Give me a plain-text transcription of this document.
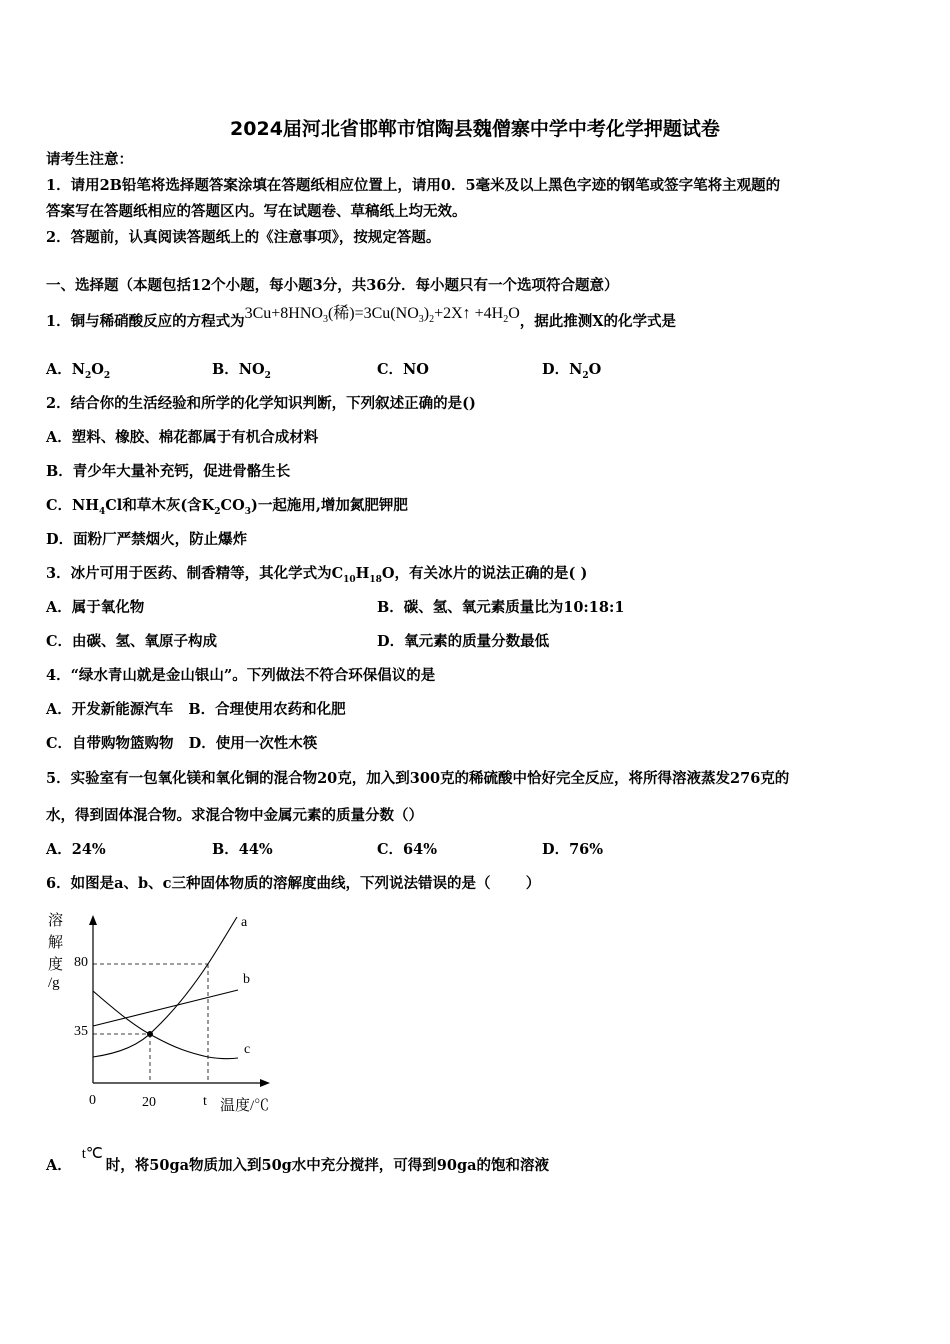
2024届河北省邯郸市馆陶县魏僧寨中学中考化学押题试卷
请考生注意：
1．请用2B铅笔将选择题答案涂填在答题纸相应位置上，请用0．5毫米及以上黑色字迹的钢笔或签字笔将主观题的
答案写在答题纸相应的答题区内。写在试题卷、草稿纸上均无效。
2．答题前，认真阅读答题纸上的《注意事项》，按规定答题。
一、选择题（本题包括12个小题，每小题3分，共36分．每小题只有一个选项符合题意）
1．铜与稀硝酸反应的方程式为$3Cu+8HNO_3$(稀)$=3Cu(NO_3)_2+2X↑ +4H_2O$，据此推测X的化学式是
A．$N_2O_2$	B．$NO_2$	C．NO	D．$N_2O$
2．结合你的生活经验和所学的化学知识判断，下列叙述正确的是()
A．塑料、橡胶、棉花都属于有机合成材料
B．青少年大量补充钙，促进骨骼生长
C．$NH_4Cl$和草木灰(含$K_2CO_3$)一起施用,增加氮肥钾肥
D．面粉厂严禁烟火，防止爆炸
3．冰片可用于医药、制香精等，其化学式为$C_{10}H_{18}O$，有关冰片的说法正确的是( )
A．属于氧化物	B．碳、氢、氧元素质量比为10:18:1
C．由碳、氢、氧原子构成	D．氧元素的质量分数最低
4．“绿水青山就是金山银山”。下列做法不符合环保倡议的是
A．开发新能源汽车   B．合理使用农药和化肥
C．自带购物篮购物   D．使用一次性木筷
5．实验室有一包氧化镁和氧化铜的混合物20克，加入到300克的稀硫酸中恰好完全反应，将所得溶液蒸发276克的
水，得到固体混合物。求混合物中金属元素的质量分数（）
A．24%	B．44%	C．64%	D．76%
6．如图是a、b、c三种固体物质的溶解度曲线，下列说法错误的是（       ）
溶
解
度
/g
80
35
0	20	t 温度/℃
a
b
c
A．t℃时，将50ga物质加入到50g水中充分搅拌，可得到90ga的饱和溶液
